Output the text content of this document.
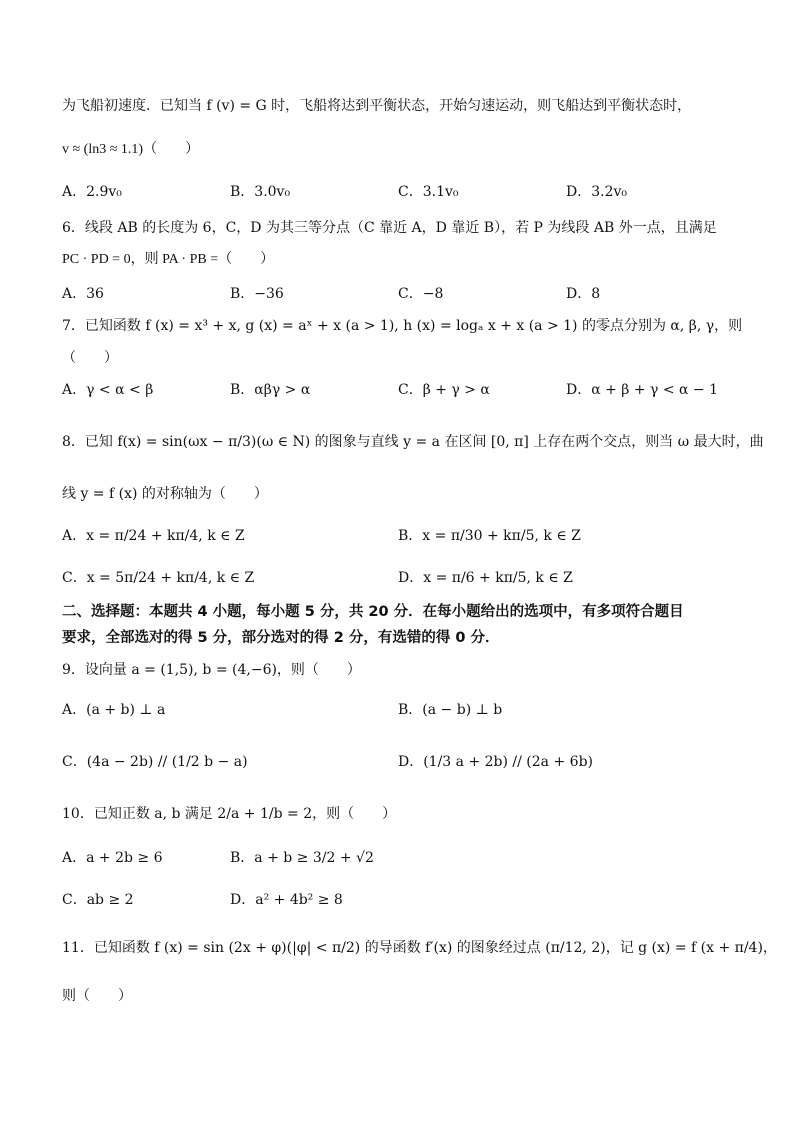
为飞船初速度．已知当 f (v) = G 时，飞船将达到平衡状态，开始匀速运动，则飞船达到平衡状态时，
v ≈ (ln3 ≈ 1.1)（　　）
A．2.9v₀	B．3.0v₀	C．3.1v₀	D．3.2v₀
6．线段 AB 的长度为 6，C，D 为其三等分点（C 靠近 A，D 靠近 B），若 P 为线段 AB 外一点，且满足
PC · PD = 0，则 PA · PB =（　　）
A．36	B．−36	C．−8	D．8
7．已知函数 f (x) = x³ + x, g (x) = aˣ + x (a > 1), h (x) = logₐ x + x (a > 1) 的零点分别为 α, β, γ，则
（　　）
A．γ < α < β	B．αβγ > α	C．β + γ > α	D．α + β + γ < α − 1
8．已知 f(x) = sin(ωx − π/3)(ω ∈ N) 的图象与直线 y = a 在区间 [0, π] 上存在两个交点，则当 ω 最大时，曲
线 y = f (x) 的对称轴为（　　）
A．x = π/24 + kπ/4, k ∈ Z	B．x = π/30 + kπ/5, k ∈ Z
C．x = 5π/24 + kπ/4, k ∈ Z	D．x = π/6 + kπ/5, k ∈ Z
二、选择题：本题共 4 小题，每小题 5 分，共 20 分．在每小题给出的选项中，有多项符合题目
要求，全部选对的得 5 分，部分选对的得 2 分，有选错的得 0 分．
9．设向量 a = (1,5), b = (4,−6)，则（　　）
A．(a + b) ⊥ a	B．(a − b) ⊥ b
C．(4a − 2b) // (1/2 b − a)	D．(1/3 a + 2b) // (2a + 6b)
10．已知正数 a, b 满足 2/a + 1/b = 2，则（　　）
A．a + 2b ≥ 6	B．a + b ≥ 3/2 + √2
C．ab ≥ 2	D．a² + 4b² ≥ 8
11．已知函数 f (x) = sin (2x + φ)(|φ| < π/2) 的导函数 f′(x) 的图象经过点 (π/12, 2)，记 g (x) = f (x + π/4)，
则（　　）
